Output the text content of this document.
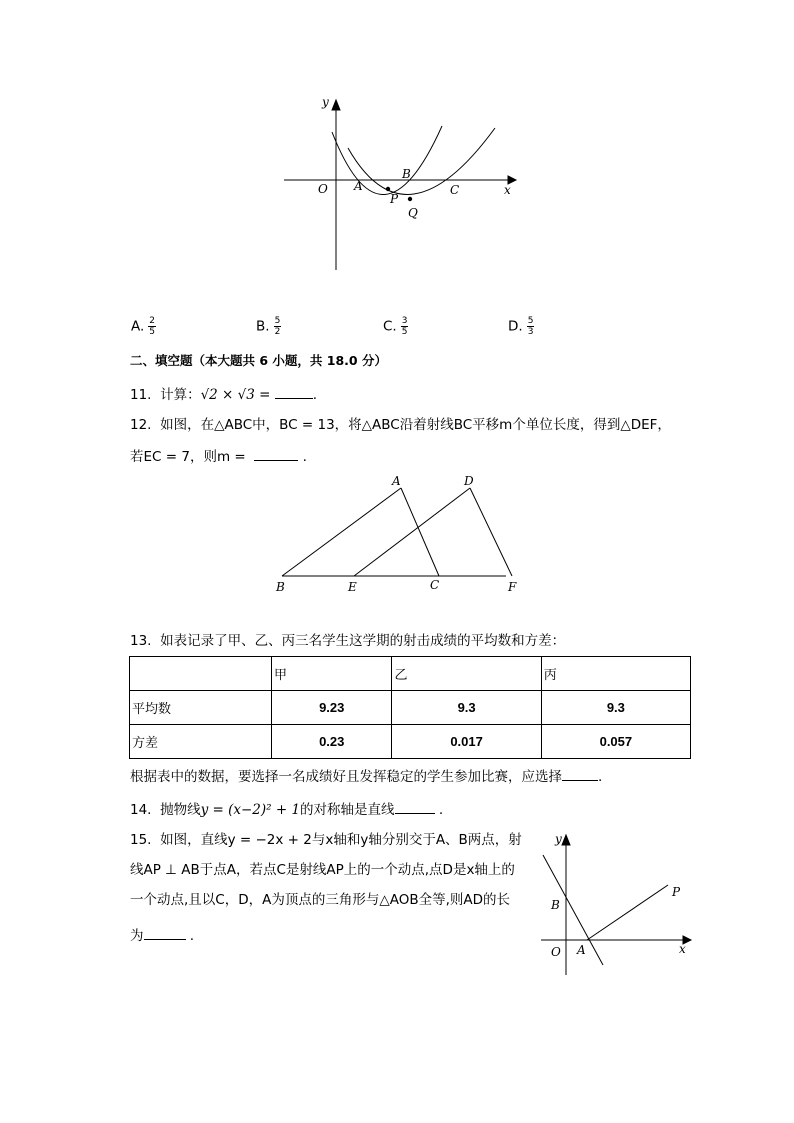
y
x
O A
B
C
P
Q
A. $\frac{2}{5}$	B. $\frac{5}{2}$	C. $\frac{3}{5}$	D. $\frac{5}{3}$
二、填空题（本大题共 6 小题，共 18.0 分）
11. 计算：√2 × √3 =	.
12. 如图，在△ABC中，BC = 13，将△ABC沿着射线BC平移m个单位长度，得到△DEF，
若EC = 7，则m =	.
A	D
B	E	C	F
13. 如表记录了甲、乙、丙三名学生这学期的射击成绩的平均数和方差：
	甲	乙	丙
平均数	9.23	9.3	9.3
方差	0.23	0.017	0.057
根据表中的数据，要选择一名成绩好且发挥稳定的学生参加比赛，应选择	.
14. 抛物线y = (x−2)² + 1的对称轴是直线	.
15. 如图，直线y = −2x + 2与x轴和y轴分别交于A、B两点，射
线AP ⊥ AB于点A，若点C是射线AP上的一个动点,点D是x轴上的
一个动点,且以C，D，A为顶点的三角形与△AOB全等,则AD的长
为	.
y
x
B
P
O A
